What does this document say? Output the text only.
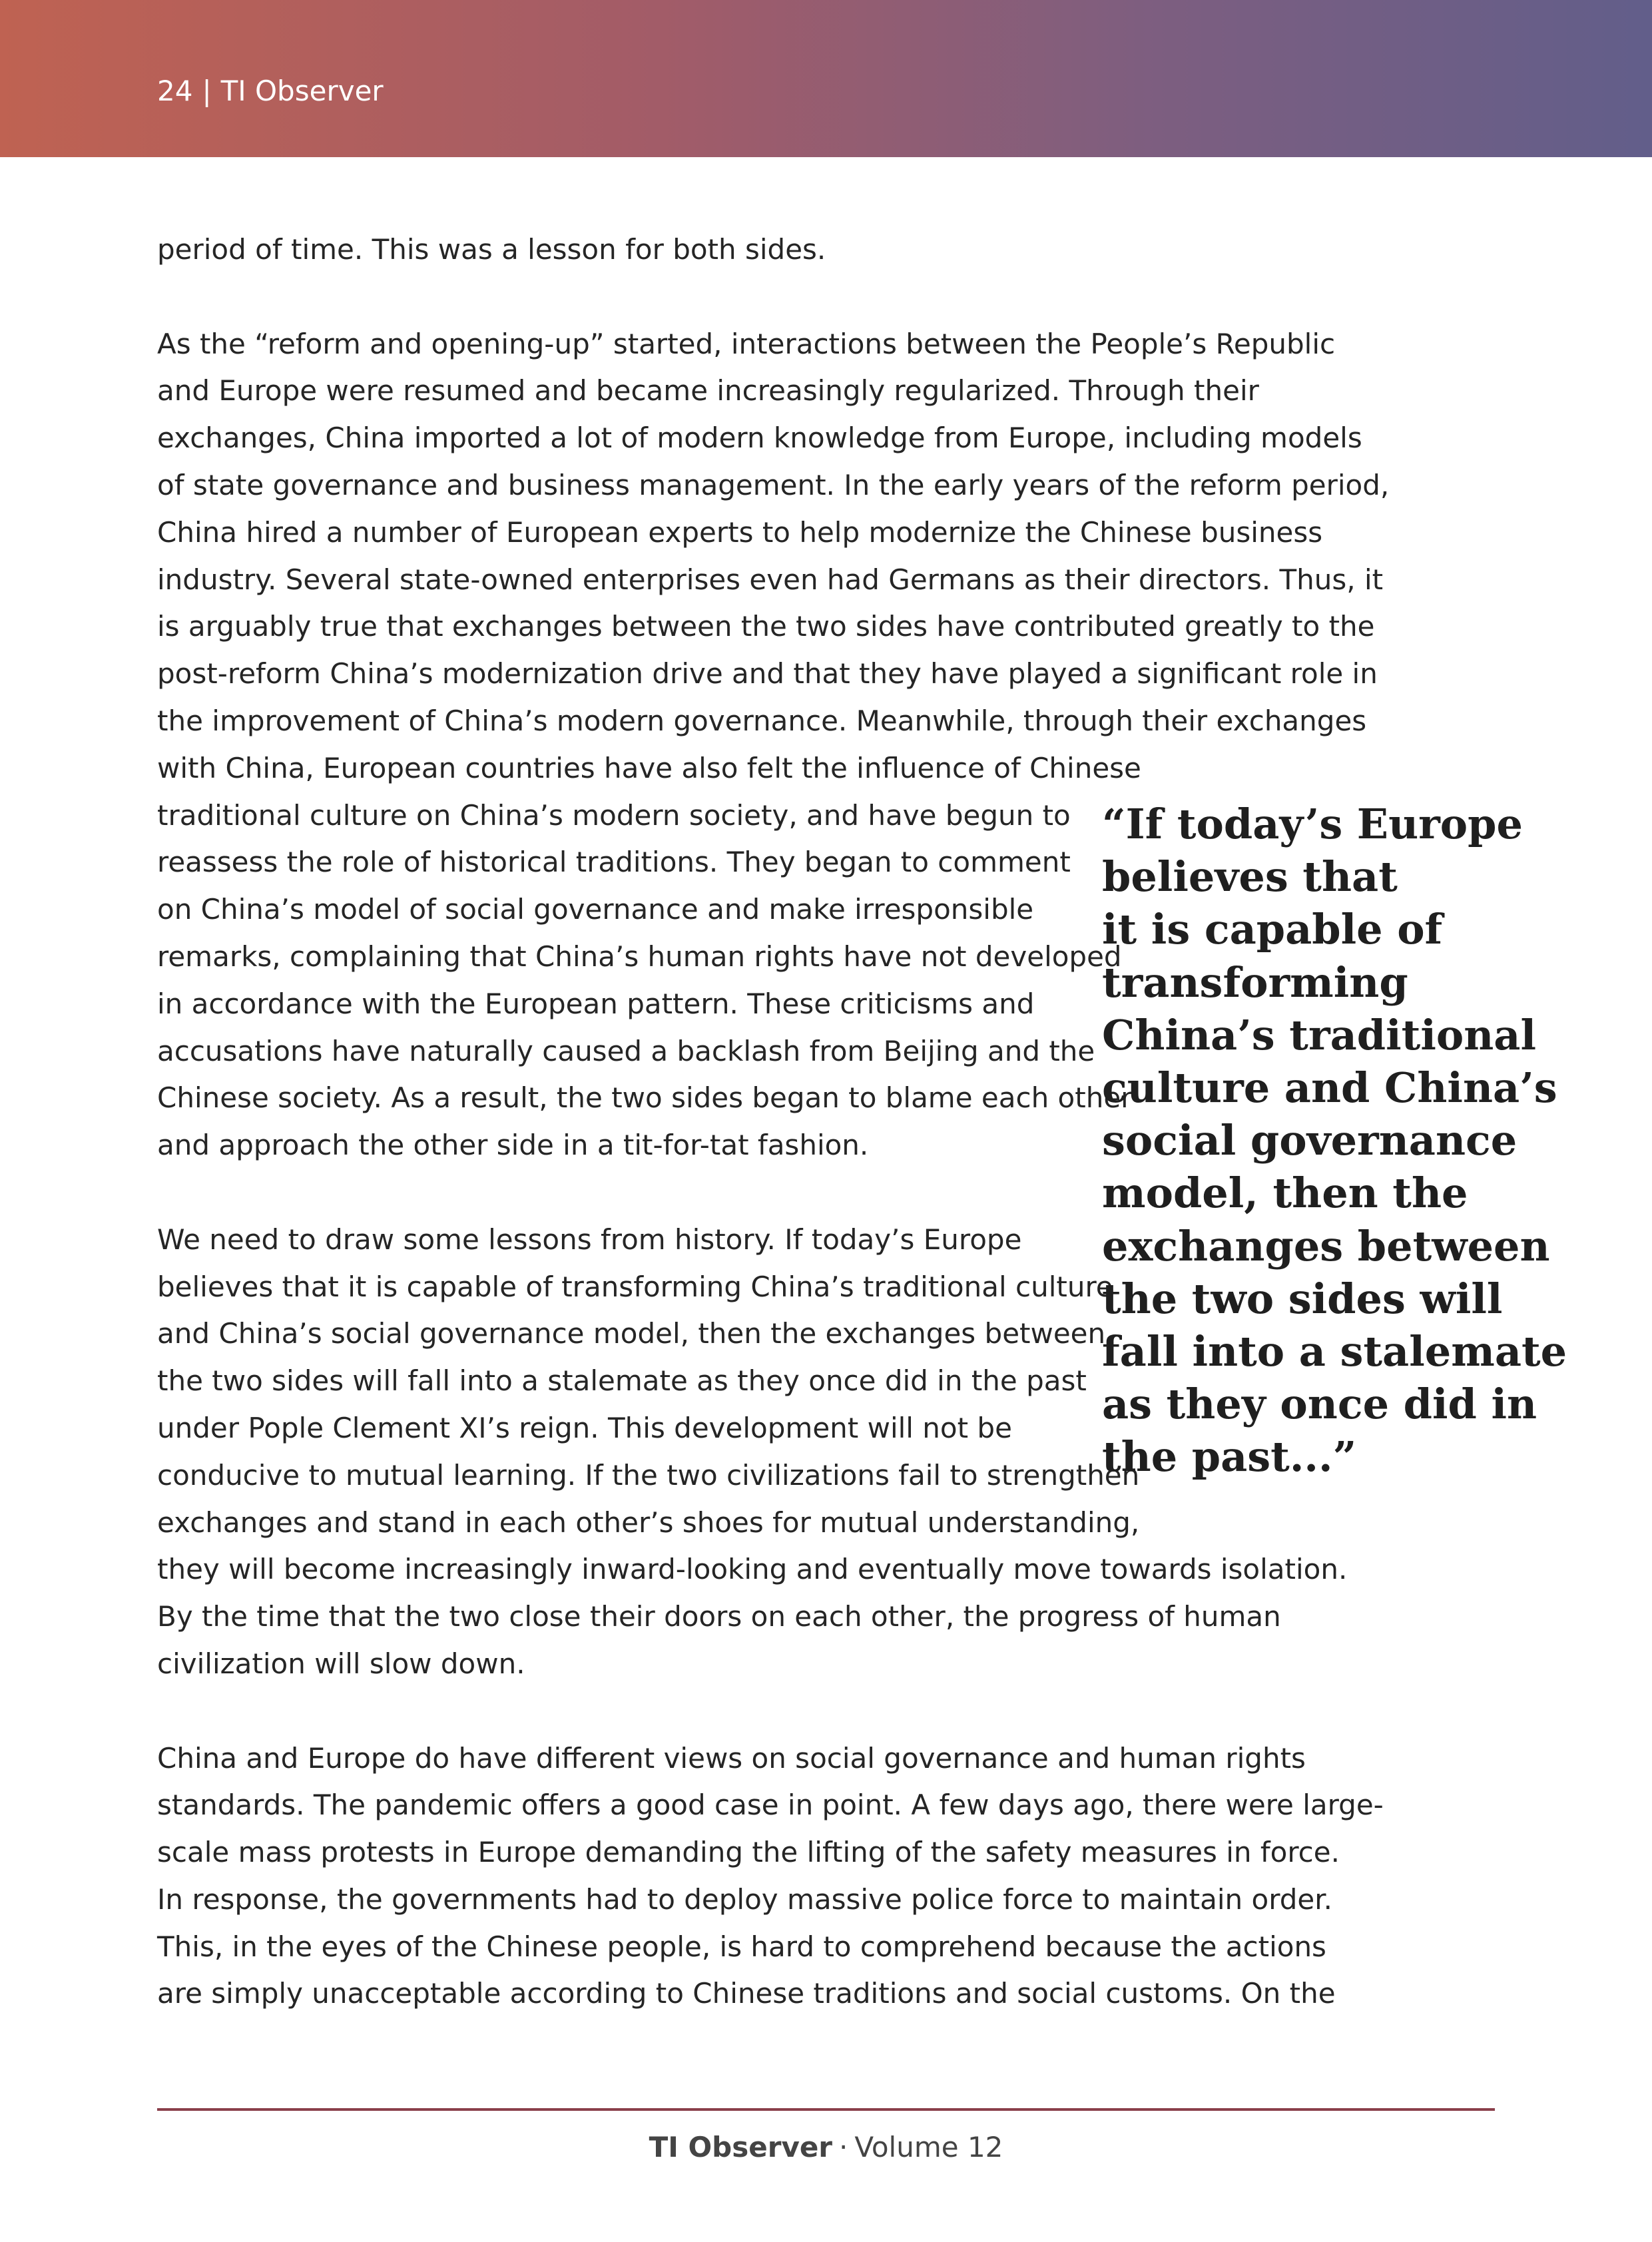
24 | TI Observer
period of time. This was a lesson for both sides.
As the “reform and opening-up” started, interactions between the People’s Republic
and Europe were resumed and became increasingly regularized. Through their
exchanges, China imported a lot of modern knowledge from Europe, including models
of state governance and business management. In the early years of the reform period,
China hired a number of European experts to help modernize the Chinese business
industry. Several state-owned enterprises even had Germans as their directors. Thus, it
is arguably true that exchanges between the two sides have contributed greatly to the
post-reform China’s modernization drive and that they have played a significant role in
the improvement of China’s modern governance. Meanwhile, through their exchanges
with China, European countries have also felt the influence of Chinese
traditional culture on China’s modern society, and have begun to
reassess the role of historical traditions. They began to comment
on China’s model of social governance and make irresponsible
remarks, complaining that China’s human rights have not developed
in accordance with the European pattern. These criticisms and
accusations have naturally caused a backlash from Beijing and the
Chinese society. As a result, the two sides began to blame each other
and approach the other side in a tit-for-tat fashion.
We need to draw some lessons from history. If today’s Europe
believes that it is capable of transforming China’s traditional culture
and China’s social governance model, then the exchanges between
the two sides will fall into a stalemate as they once did in the past
under Pople Clement XI’s reign. This development will not be
conducive to mutual learning. If the two civilizations fail to strengthen
exchanges and stand in each other’s shoes for mutual understanding,
they will become increasingly inward-looking and eventually move towards isolation.
By the time that the two close their doors on each other, the progress of human
civilization will slow down.
China and Europe do have different views on social governance and human rights
standards. The pandemic offers a good case in point. A few days ago, there were large-
scale mass protests in Europe demanding the lifting of the safety measures in force.
In response, the governments had to deploy massive police force to maintain order.
This, in the eyes of the Chinese people, is hard to comprehend because the actions
are simply unacceptable according to Chinese traditions and social customs. On the
“If today’s Europe
believes that
it is capable of
transforming
China’s traditional
culture and China’s
social governance
model, then the
exchanges between
the two sides will
fall into a stalemate
as they once did in
the past...”
TI Observer · Volume 12
